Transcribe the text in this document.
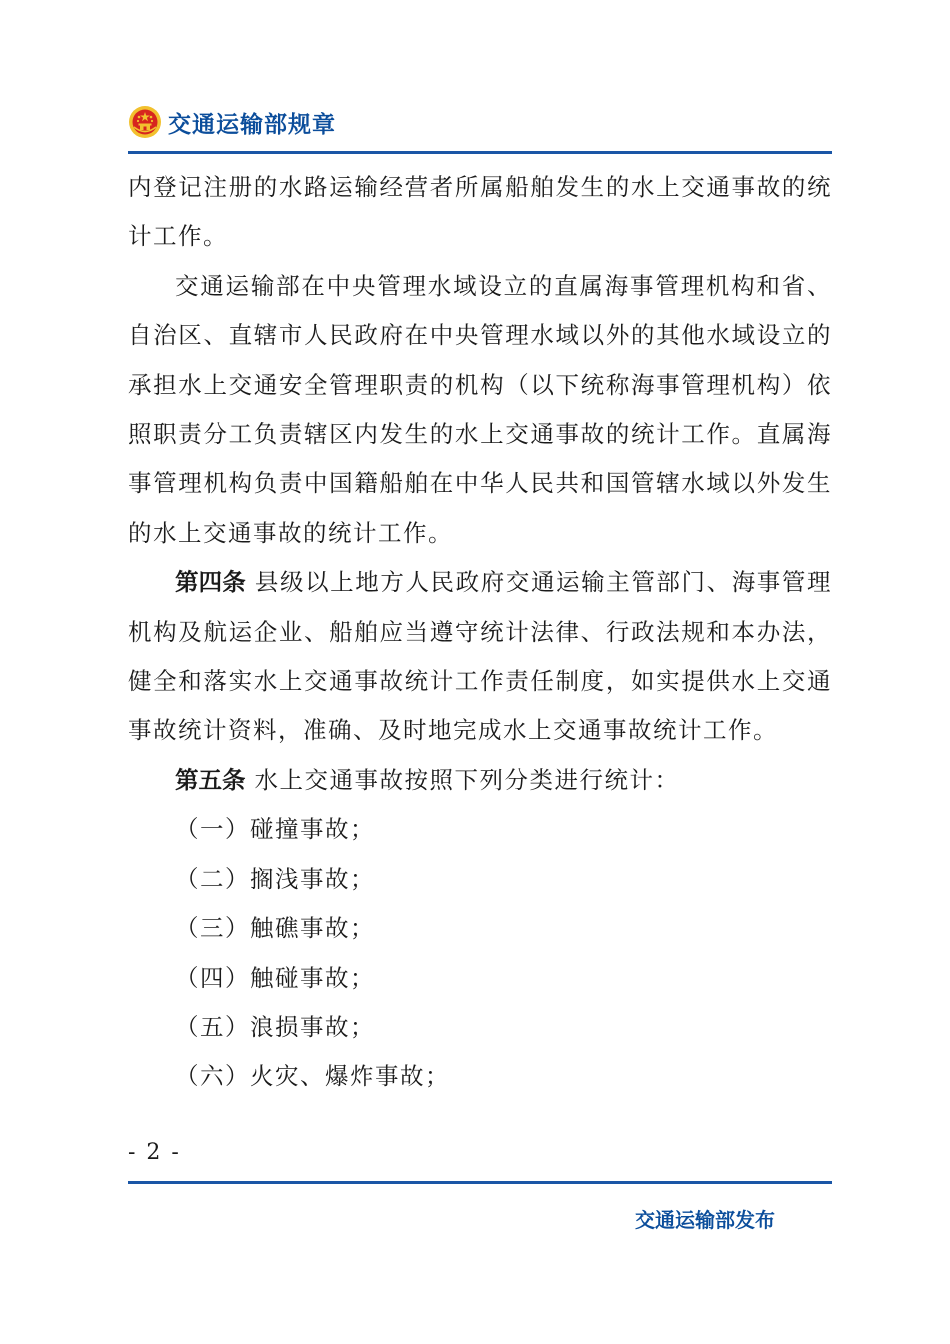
交通运输部规章

内登记注册的水路运输经营者所属船舶发生的水上交通事故的统计工作。

交通运输部在中央管理水域设立的直属海事管理机构和省、自治区、直辖市人民政府在中央管理水域以外的其他水域设立的承担水上交通安全管理职责的机构（以下统称海事管理机构）依照职责分工负责辖区内发生的水上交通事故的统计工作。直属海事管理机构负责中国籍船舶在中华人民共和国管辖水域以外发生的水上交通事故的统计工作。

第四条 县级以上地方人民政府交通运输主管部门、海事管理机构及航运企业、船舶应当遵守统计法律、行政法规和本办法，健全和落实水上交通事故统计工作责任制度，如实提供水上交通事故统计资料，准确、及时地完成水上交通事故统计工作。

第五条 水上交通事故按照下列分类进行统计：

（一）碰撞事故；

（二）搁浅事故；

（三）触礁事故；

（四）触碰事故；

（五）浪损事故；

（六）火灾、爆炸事故；

- 2 -
交通运输部发布
